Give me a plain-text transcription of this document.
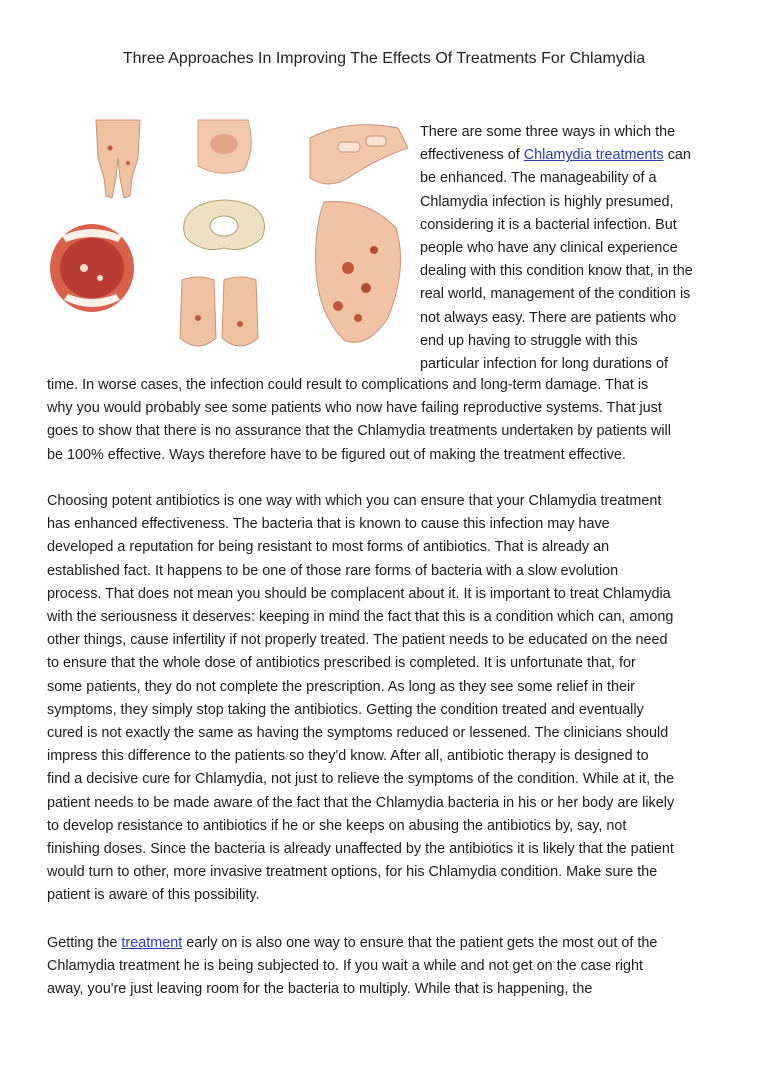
Three Approaches In Improving The Effects Of Treatments For Chlamydia
There are some three ways in which the
effectiveness of Chlamydia treatments can
be enhanced. The manageability of a
Chlamydia infection is highly presumed,
considering it is a bacterial infection. But
people who have any clinical experience
dealing with this condition know that, in the
real world, management of the condition is
not always easy. There are patients who
end up having to struggle with this
particular infection for long durations of
time. In worse cases, the infection could result to complications and long-term damage. That is
why you would probably see some patients who now have failing reproductive systems. That just
goes to show that there is no assurance that the Chlamydia treatments undertaken by patients will
be 100% effective. Ways therefore have to be figured out of making the treatment effective.
Choosing potent antibiotics is one way with which you can ensure that your Chlamydia treatment
has enhanced effectiveness. The bacteria that is known to cause this infection may have
developed a reputation for being resistant to most forms of antibiotics. That is already an
established fact. It happens to be one of those rare forms of bacteria with a slow evolution
process. That does not mean you should be complacent about it. It is important to treat Chlamydia
with the seriousness it deserves: keeping in mind the fact that this is a condition which can, among
other things, cause infertility if not properly treated. The patient needs to be educated on the need
to ensure that the whole dose of antibiotics prescribed is completed. It is unfortunate that, for
some patients, they do not complete the prescription. As long as they see some relief in their
symptoms, they simply stop taking the antibiotics. Getting the condition treated and eventually
cured is not exactly the same as having the symptoms reduced or lessened. The clinicians should
impress this difference to the patients so they'd know. After all, antibiotic therapy is designed to
find a decisive cure for Chlamydia, not just to relieve the symptoms of the condition. While at it, the
patient needs to be made aware of the fact that the Chlamydia bacteria in his or her body are likely
to develop resistance to antibiotics if he or she keeps on abusing the antibiotics by, say, not
finishing doses. Since the bacteria is already unaffected by the antibiotics it is likely that the patient
would turn to other, more invasive treatment options, for his Chlamydia condition. Make sure the
patient is aware of this possibility.
Getting the treatment early on is also one way to ensure that the patient gets the most out of the
Chlamydia treatment he is being subjected to. If you wait a while and not get on the case right
away, you're just leaving room for the bacteria to multiply. While that is happening, the
